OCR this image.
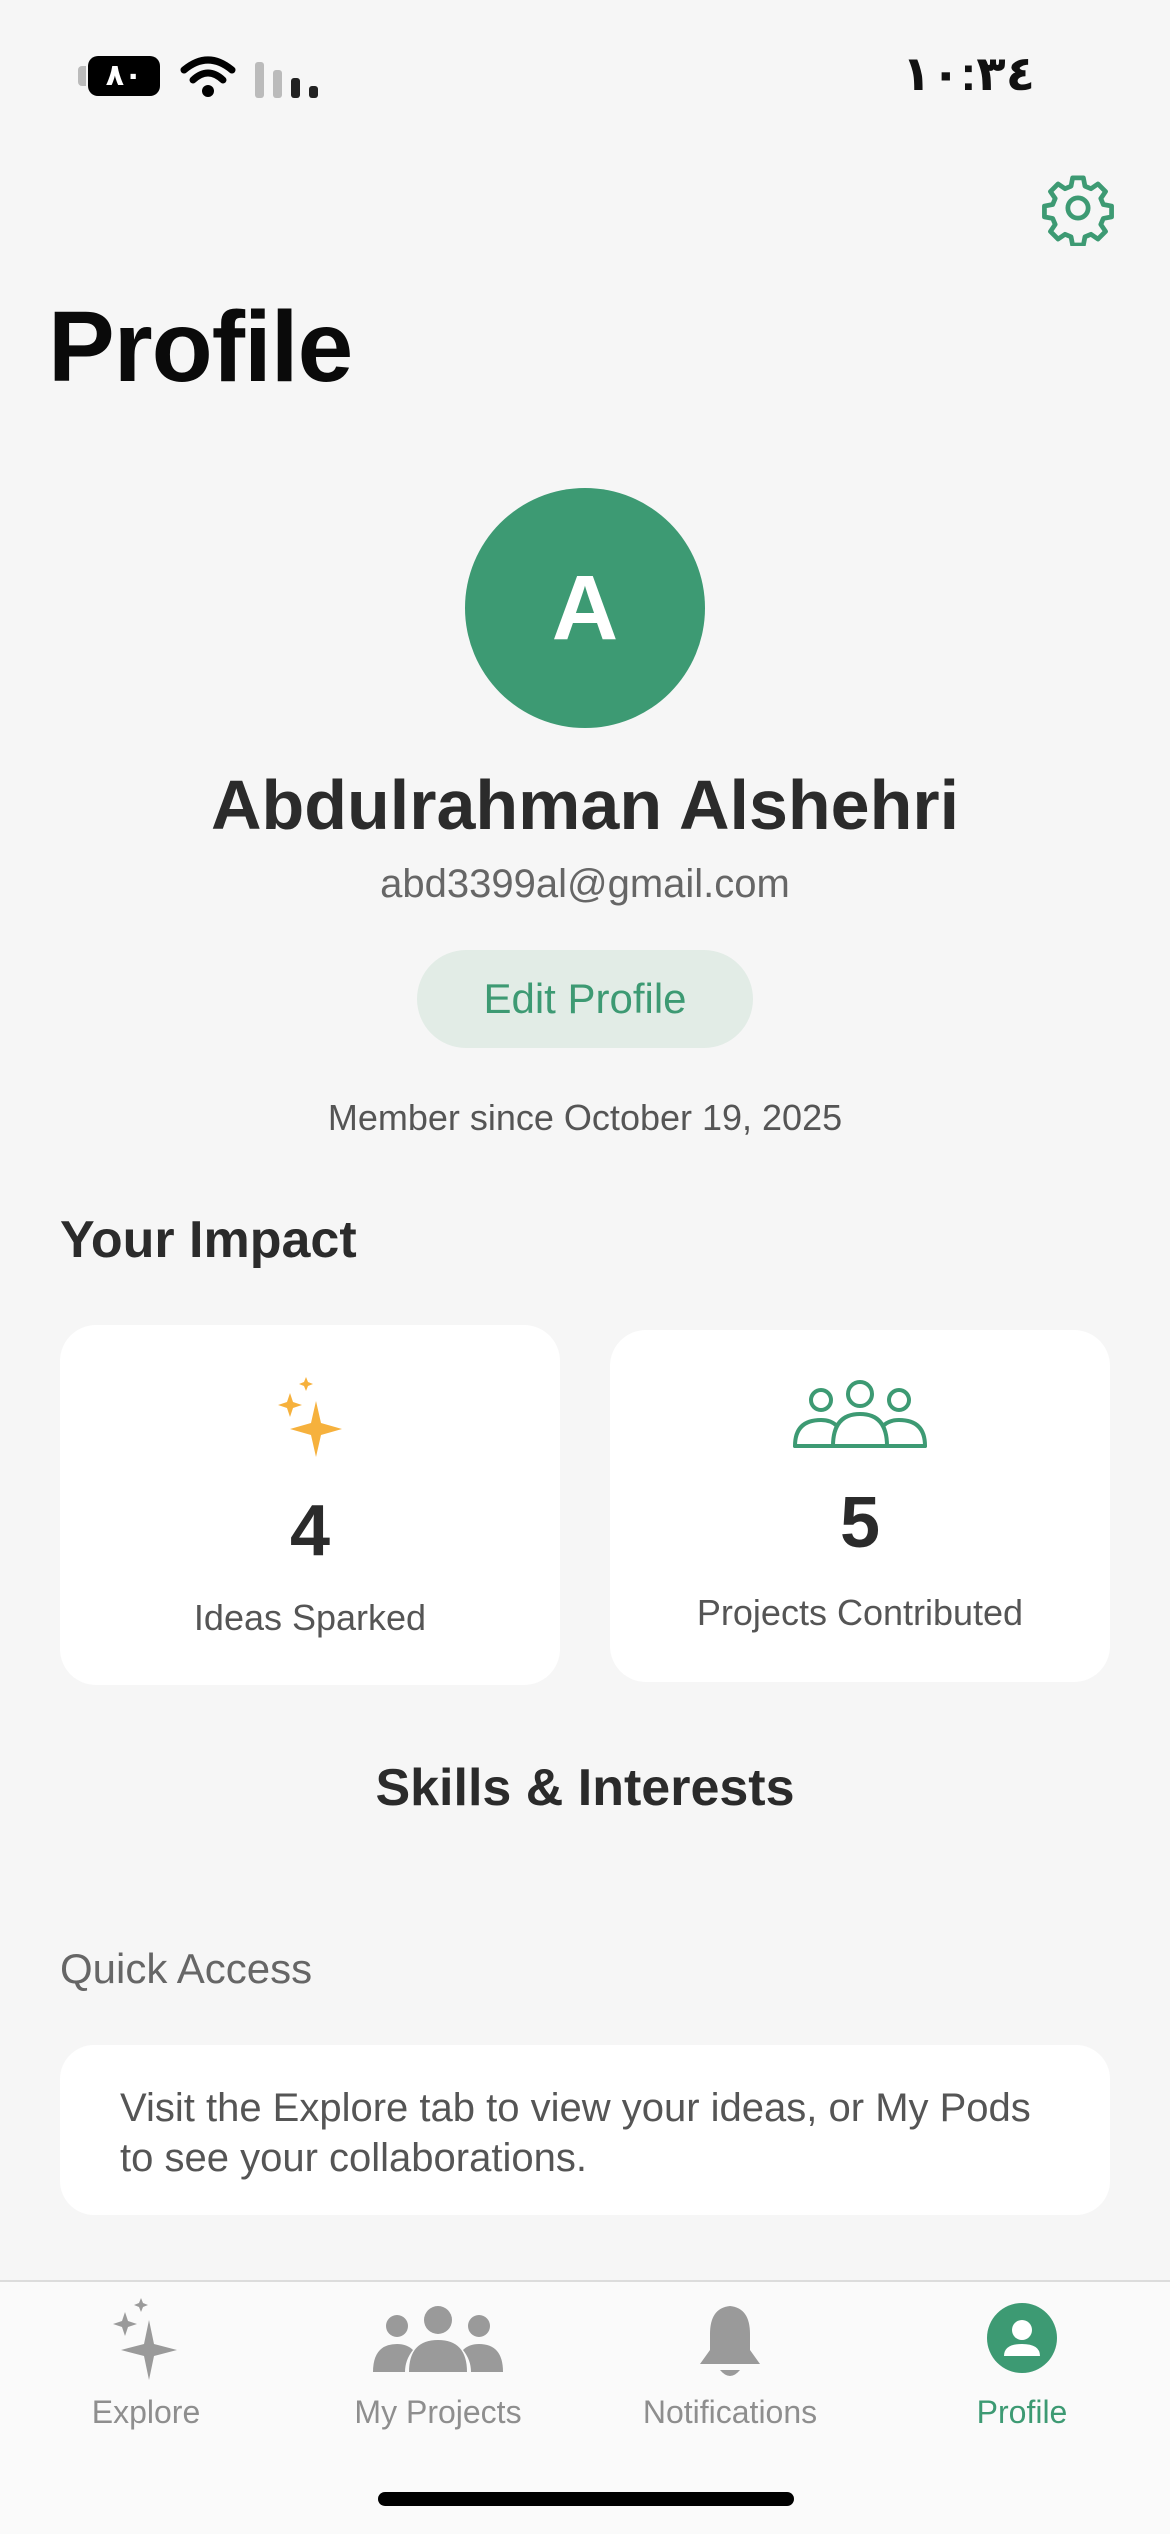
٨٠	١٠:٣٤
Profile
A
Abdulrahman Alshehri
abd3399al@gmail.com
Edit Profile
Member since October 19, 2025
Your Impact
4
Ideas Sparked
5
Projects Contributed
Skills & Interests
Quick Access

Visit the Explore tab to view your ideas, or My Pods to see your collaborations.

Explore	My Projects	Notifications	Profile
